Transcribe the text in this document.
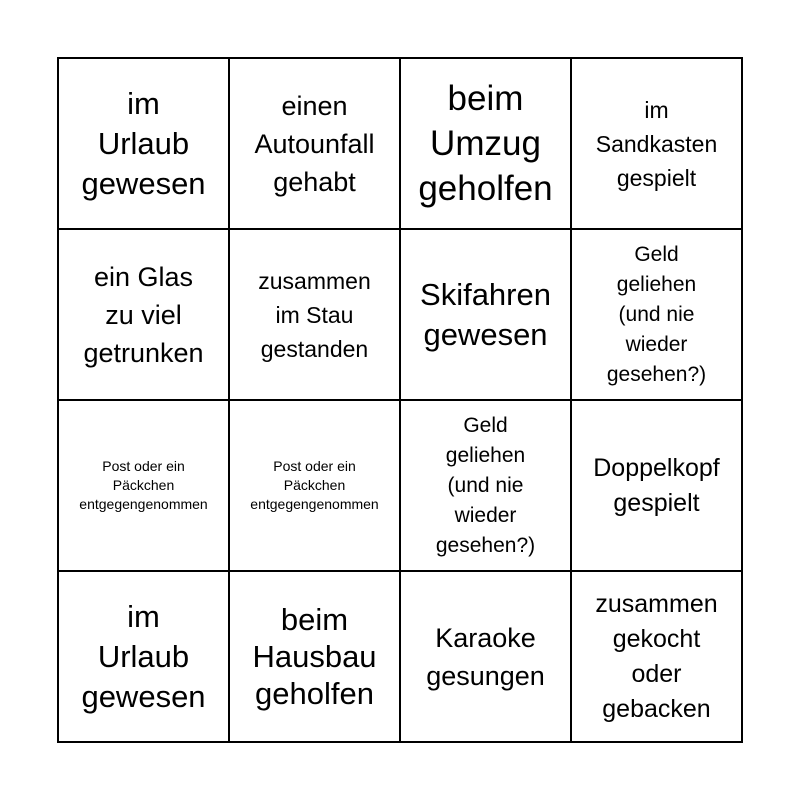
im
Urlaub
gewesen
einen
Autounfall
gehabt
beim
Umzug
geholfen
im
Sandkasten
gespielt
ein Glas
zu viel
getrunken
zusammen
im Stau
gestanden
Skifahren
gewesen
Geld
geliehen
(und nie
wieder
gesehen?)
Post oder ein
Päckchen
entgegengenommen
Post oder ein
Päckchen
entgegengenommen
Geld
geliehen
(und nie
wieder
gesehen?)
Doppelkopf
gespielt
im
Urlaub
gewesen
beim
Hausbau
geholfen
Karaoke
gesungen
zusammen
gekocht
oder
gebacken
